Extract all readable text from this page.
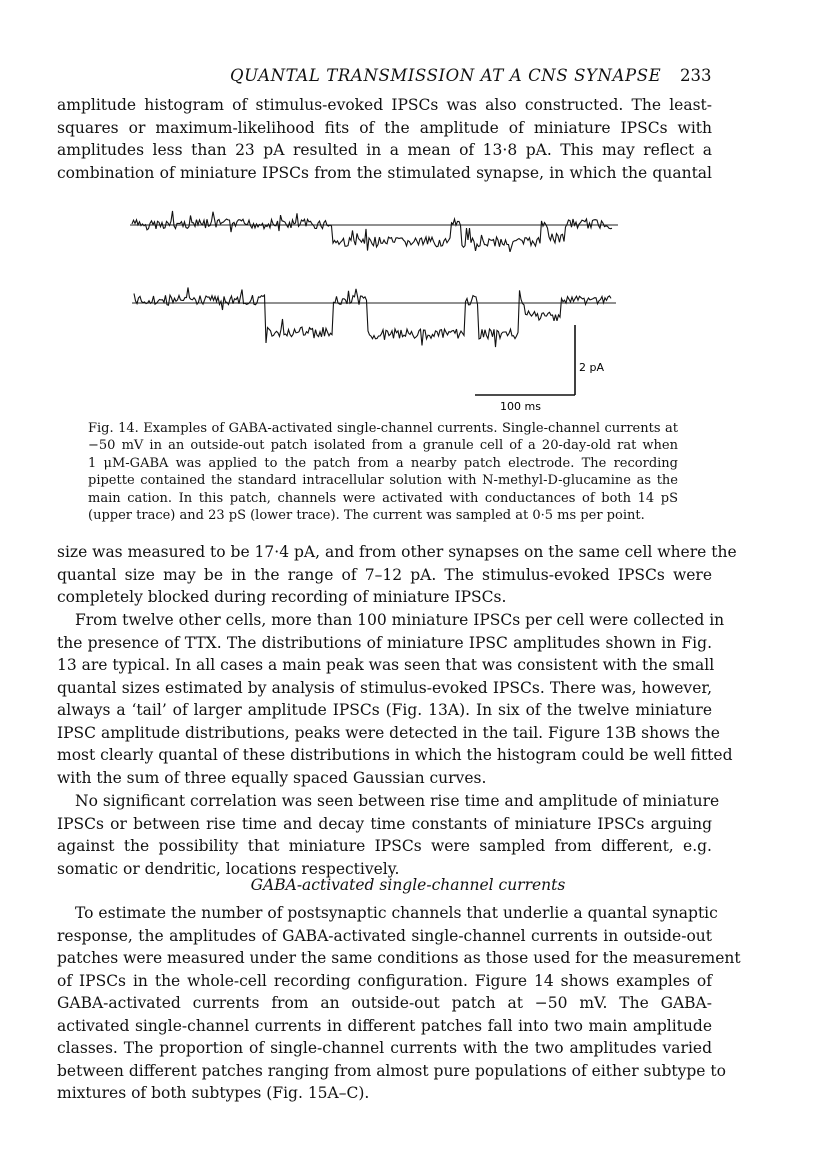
QUANTAL TRANSMISSION AT A CNS SYNAPSE 233
amplitude histogram of stimulus-evoked IPSCs was also constructed. The least-
squares or maximum-likelihood fits of the amplitude of miniature IPSCs with
amplitudes less than 23 pA resulted in a mean of 13·8 pA. This may reflect a
combination of miniature IPSCs from the stimulated synapse, in which the quantal
2 pA
100 ms
Fig. 14. Examples of GABA-activated single-channel currents. Single-channel currents at
−50 mV in an outside-out patch isolated from a granule cell of a 20-day-old rat when
1 μM-GABA was applied to the patch from a nearby patch electrode. The recording
pipette contained the standard intracellular solution with N-methyl-D-glucamine as the
main cation. In this patch, channels were activated with conductances of both 14 pS
(upper trace) and 23 pS (lower trace). The current was sampled at 0·5 ms per point.
size was measured to be 17·4 pA, and from other synapses on the same cell where the
quantal size may be in the range of 7–12 pA. The stimulus-evoked IPSCs were
completely blocked during recording of miniature IPSCs.
From twelve other cells, more than 100 miniature IPSCs per cell were collected in
the presence of TTX. The distributions of miniature IPSC amplitudes shown in Fig.
13 are typical. In all cases a main peak was seen that was consistent with the small
quantal sizes estimated by analysis of stimulus-evoked IPSCs. There was, however,
always a ‘tail’ of larger amplitude IPSCs (Fig. 13A). In six of the twelve miniature
IPSC amplitude distributions, peaks were detected in the tail. Figure 13B shows the
most clearly quantal of these distributions in which the histogram could be well fitted
with the sum of three equally spaced Gaussian curves.
No significant correlation was seen between rise time and amplitude of miniature
IPSCs or between rise time and decay time constants of miniature IPSCs arguing
against the possibility that miniature IPSCs were sampled from different, e.g.
somatic or dendritic, locations respectively.
GABA-activated single-channel currents
To estimate the number of postsynaptic channels that underlie a quantal synaptic
response, the amplitudes of GABA-activated single-channel currents in outside-out
patches were measured under the same conditions as those used for the measurement
of IPSCs in the whole-cell recording configuration. Figure 14 shows examples of
GABA-activated currents from an outside-out patch at −50 mV. The GABA-
activated single-channel currents in different patches fall into two main amplitude
classes. The proportion of single-channel currents with the two amplitudes varied
between different patches ranging from almost pure populations of either subtype to
mixtures of both subtypes (Fig. 15A–C).
